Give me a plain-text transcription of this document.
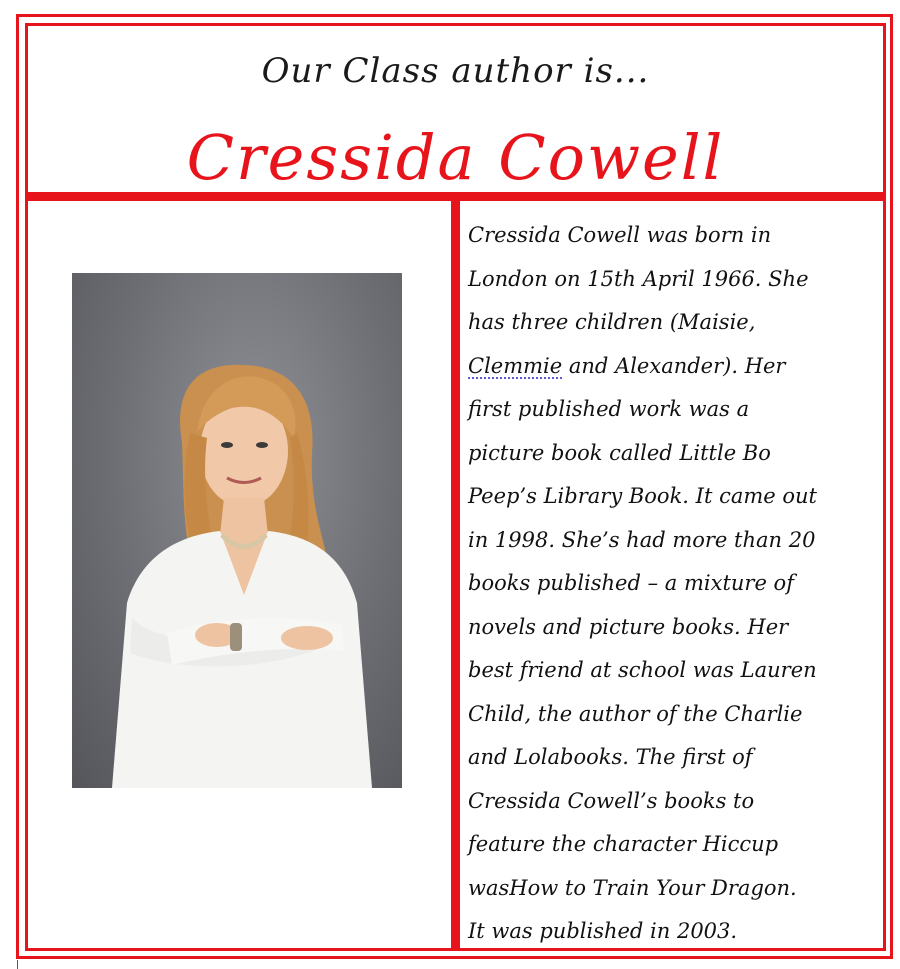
Our Class author is...
Cressida Cowell
Cressida Cowell was born in
London on 15th April 1966. She
has three children (Maisie,
Clemmie and Alexander). Her
first published work was a
picture book called Little Bo
Peep’s Library Book. It came out
in 1998. She’s had more than 20
books published – a mixture of
novels and picture books. Her
best friend at school was Lauren
Child, the author of the Charlie
and Lolabooks. The first of
Cressida Cowell’s books to
feature the character Hiccup
wasHow to Train Your Dragon.
It was published in 2003.
